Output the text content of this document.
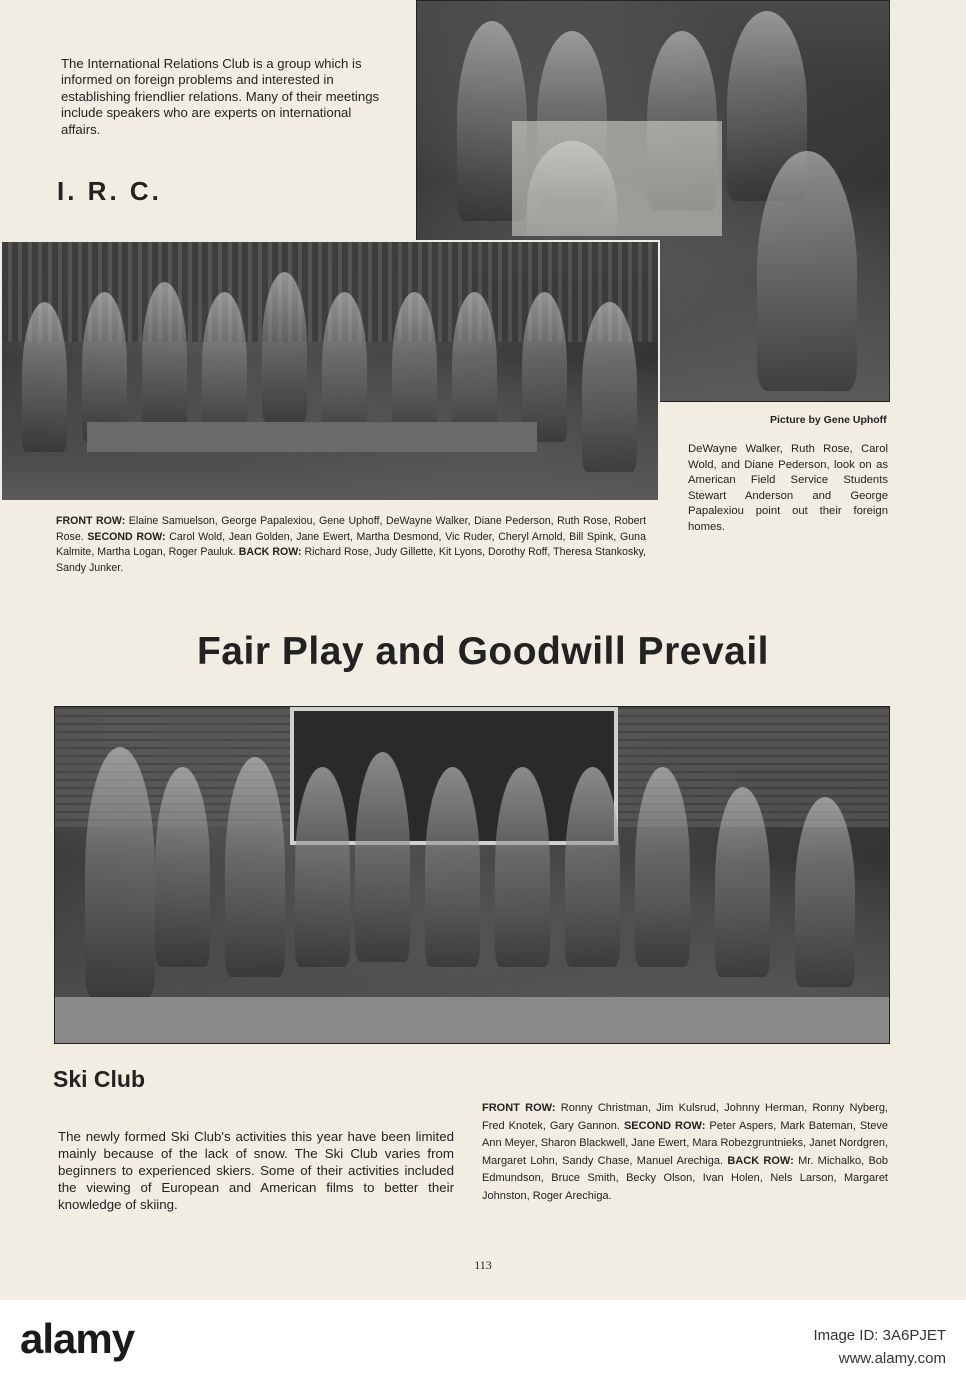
The International Relations Club is a group which is informed on foreign problems and interested in establishing friendlier relations. Many of their meetings include speakers who are experts on international affairs.
I. R. C.
Picture by Gene Uphoff
DeWayne Walker, Ruth Rose, Carol Wold, and Diane Pederson, look on as American Field Service Students Stewart Anderson and George Papalexiou point out their foreign homes.
FRONT ROW: Elaine Samuelson, George Papalexiou, Gene Uphoff, DeWayne Walker, Diane Pederson, Ruth Rose, Robert Rose. SECOND ROW: Carol Wold, Jean Golden, Jane Ewert, Martha Desmond, Vic Ruder, Cheryl Arnold, Bill Spink, Guna Kalmite, Martha Logan, Roger Pauluk. BACK ROW: Richard Rose, Judy Gillette, Kit Lyons, Dorothy Roff, Theresa Stankosky, Sandy Junker.
Fair Play and Goodwill Prevail
Ski Club
The newly formed Ski Club's activities this year have been limited mainly because of the lack of snow. The Ski Club varies from beginners to experienced skiers. Some of their activities included the viewing of European and American films to better their knowledge of skiing.
FRONT ROW: Ronny Christman, Jim Kulsrud, Johnny Herman, Ronny Nyberg, Fred Knotek, Gary Gannon. SECOND ROW: Peter Aspers, Mark Bateman, Steve Ann Meyer, Sharon Blackwell, Jane Ewert, Mara Robezgruntnieks, Janet Nordgren, Margaret Lohn, Sandy Chase, Manuel Arechiga. BACK ROW: Mr. Michalko, Bob Edmundson, Bruce Smith, Becky Olson, Ivan Holen, Nels Larson, Margaret Johnston, Roger Arechiga.
113
alamy	Image ID: 3A6PJET
www.alamy.com
